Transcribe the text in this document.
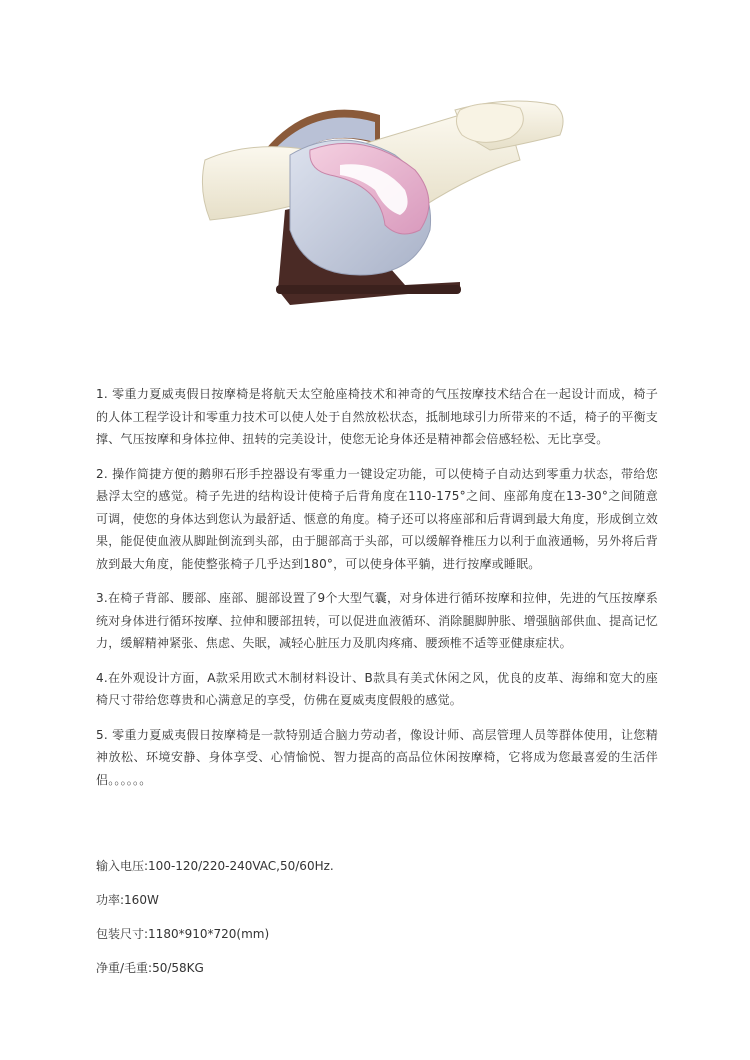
1. 零重力夏威夷假日按摩椅是将航天太空舱座椅技术和神奇的气压按摩技术结合在一起设计而成，椅子的人体工程学设计和零重力技术可以使人处于自然放松状态，抵制地球引力所带来的不适，椅子的平衡支撑、气压按摩和身体拉伸、扭转的完美设计，使您无论身体还是精神都会倍感轻松、无比享受。

2. 操作简捷方便的鹅卵石形手控器设有零重力一键设定功能，可以使椅子自动达到零重力状态，带给您悬浮太空的感觉。椅子先进的结构设计使椅子后背角度在110-175°之间、座部角度在13-30°之间随意可调，使您的身体达到您认为最舒适、惬意的角度。椅子还可以将座部和后背调到最大角度，形成倒立效果，能促使血液从脚趾倒流到头部，由于腿部高于头部，可以缓解脊椎压力以利于血液通畅，另外将后背放到最大角度，能使整张椅子几乎达到180°，可以使身体平躺，进行按摩或睡眠。

3.在椅子背部、腰部、座部、腿部设置了9个大型气囊，对身体进行循环按摩和拉伸，先进的气压按摩系统对身体进行循环按摩、拉伸和腰部扭转，可以促进血液循环、消除腿脚肿胀、增强脑部供血、提高记忆力，缓解精神紧张、焦虑、失眠，减轻心脏压力及肌肉疼痛、腰颈椎不适等亚健康症状。

4.在外观设计方面，A款采用欧式木制材料设计、B款具有美式休闲之风，优良的皮革、海绵和宽大的座椅尺寸带给您尊贵和心满意足的享受，仿佛在夏威夷度假般的感觉。

5. 零重力夏威夷假日按摩椅是一款特别适合脑力劳动者，像设计师、高层管理人员等群体使用，让您精神放松、环境安静、身体享受、心情愉悦、智力提高的高品位休闲按摩椅，它将成为您最喜爱的生活伴侣。。。。。。

输入电压:100-120/220-240VAC,50/60Hz.
功率:160W
包装尺寸:1180*910*720(mm)
净重/毛重:50/58KG
